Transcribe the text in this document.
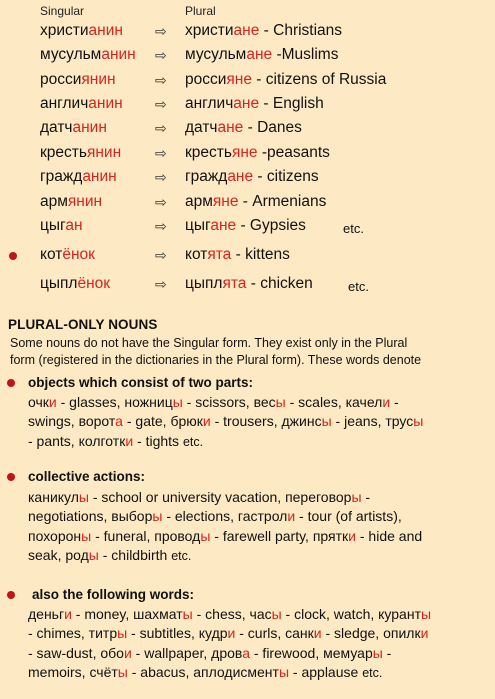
Singular	Plural
христианин ⇨ христиане - Christians
мусульманин ⇨ мусульмане -Muslims
россиянин	⇨ россияне - citizens of Russia
англичанин ⇨ англичане - English
датчанин	⇨ датчане - Danes
крестьянин ⇨ крестьяне -peasants
гражданин	⇨ граждане - citizens
армянин	⇨ армяне - Armenians
цыган	⇨ цыгане - Gypsies	etc.
котёнок	⇨ котята - kittens
цыплёнок	⇨ цыплята - chicken	etc.
PLURAL-ONLY NOUNS
Some nouns do not have the Singular form. They exist only in the Plural
form (registered in the dictionaries in the Plural form). These words denote
objects which consist of two parts:
очки - glasses, ножницы - scissors, весы - scales, качели -
swings, ворота - gate, брюки - trousers, джинсы - jeans, трусы
- pants, колготки - tights etc.
collective actions:
каникулы - school or university vacation, переговоры -
negotiations, выборы - elections, гастроли - tour (of artists),
похороны - funeral, проводы - farewell party, прятки - hide and
seak, роды - childbirth etc.
also the following words:
деньги - money, шахматы - chess, часы - clock, watch, куранты
- chimes, титры - subtitles, кудри - curls, санки - sledge, опилки
- saw-dust, обои - wallpaper, дрова - firewood, мемуары -
memoirs, счёты - abacus, аплодисменты - applause etc.
